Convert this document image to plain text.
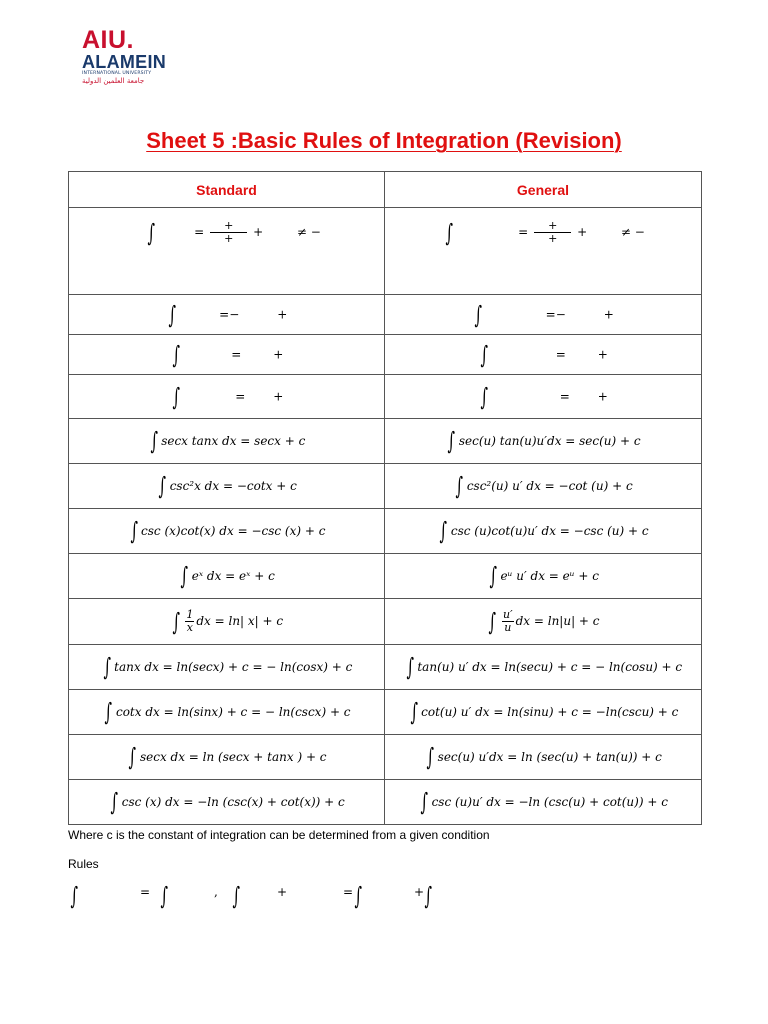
AIU.
ALAMEIN
INTERNATIONAL UNIVERSITY
جامعة العلمين الدولية
Sheet 5 :Basic Rules of Integration (Revision)
Standard	General

∫ = $\frac{+}{+}$ + ≠ −	∫ = $\frac{+}{+}$ + ≠ −

∫ =− +	∫ =− +

∫ = +	∫ = +

∫ = +	∫ = +

∫ secx tanx dx = secx + c	∫ sec(u) tan(u)u′dx = sec(u) + c
∫ csc²x dx = −cotx + c	∫ csc²(u) u′ dx = −cot (u) + c
∫ csc (x)cot(x) dx = −csc (x) + c	∫ csc (u)cot(u)u′ dx = −csc (u) + c
∫ eˣ dx = eˣ + c	∫ eᵘ u′ dx = eᵘ + c
∫ $\frac{1}{x}$ dx = ln| x| + c	∫ $\frac{u'}{u}$ dx = ln|u| + c
∫ tanx dx = ln(secx) + c = − ln(cosx) + c	∫ tan(u) u′ dx = ln(secu) + c = − ln(cosu) + c
∫ cotx dx = ln(sinx) + c = − ln(cscx) + c	∫ cot(u) u′ dx = ln(sinu) + c = −ln(cscu) + c
∫ secx dx = ln (secx + tanx ) + c	∫ sec(u) u′dx = ln (sec(u) + tan(u)) + c
∫ csc (x) dx = −ln (csc(x) + cot(x)) + c	∫ csc (u)u′ dx = −ln (csc(u) + cot(u)) + c
Where c is the constant of integration can be determined from a given condition
Rules
∫	= ∫	, ∫	+	= ∫	+ ∫
